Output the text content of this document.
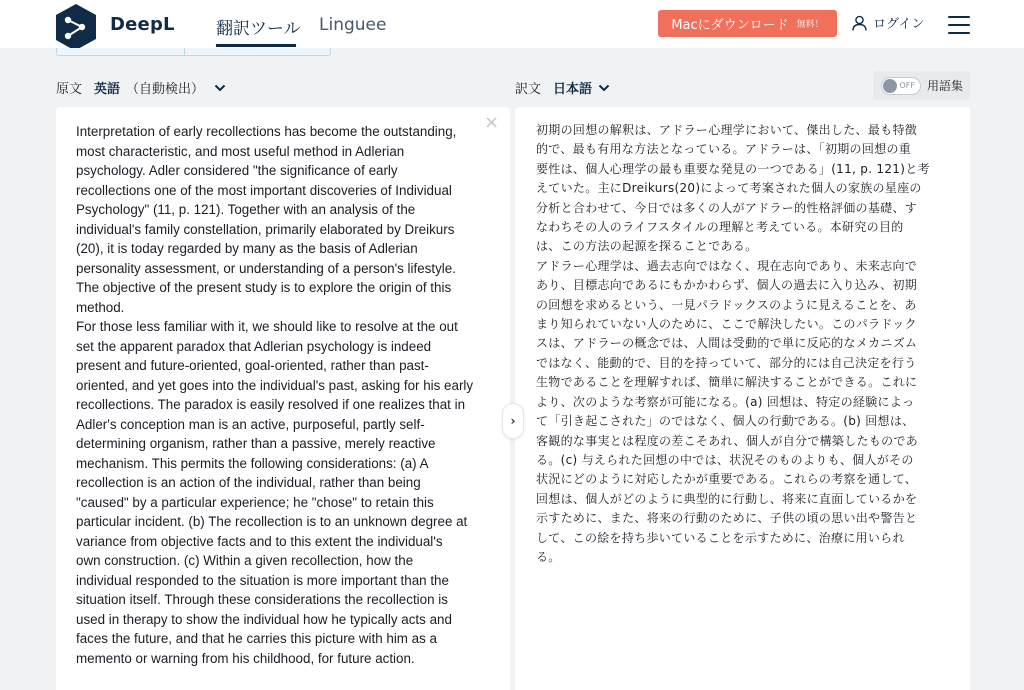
DeepL 翻訳ツール Linguee	Macにダウンロード 無料！	ログイン
原文 英語 （自動検出）	訳文 日本語	OFF 用語集
Interpretation of early recollections has become the outstanding,
most characteristic, and most useful method in Adlerian
psychology. Adler considered "the significance of early
recollections one of the most important discoveries of Individual
Psychology" (11, p. 121). Together with an analysis of the
individual's family constellation, primarily elaborated by Dreikurs
(20), it is today regarded by many as the basis of Adlerian
personality assessment, or understanding of a person's lifestyle.
The objective of the present study is to explore the origin of this
method.
For those less familiar with it, we should like to resolve at the out
set the apparent paradox that Adlerian psychology is indeed
present and future-oriented, goal-oriented, rather than past-
oriented, and yet goes into the individual's past, asking for his early
recollections. The paradox is easily resolved if one realizes that in
Adler's conception man is an active, purposeful, partly self-
determining organism, rather than a passive, merely reactive
mechanism. This permits the following considerations: (a) A
recollection is an action of the individual, rather than being
"caused" by a particular experience; he "chose" to retain this
particular incident. (b) The recollection is to an unknown degree at
variance from objective facts and to this extent the individual's
own construction. (c) Within a given recollection, how the
individual responded to the situation is more important than the
situation itself. Through these considerations the recollection is
used in therapy to show the individual how he typically acts and
faces the future, and that he carries this picture with him as a
memento or warning from his childhood, for future action.
×	初期の回想の解釈は、アドラー心理学において、傑出した、最も特徴
的で、最も有用な方法となっている。アドラーは、「初期の回想の重
要性は、個人心理学の最も重要な発見の一つである」(11, p. 121)と考
えていた。主にDreikurs(20)によって考案された個人の家族の星座の
分析と合わせて、今日では多くの人がアドラー的性格評価の基礎、す
なわちその人のライフスタイルの理解と考えている。本研究の目的
は、この方法の起源を探ることである。
アドラー心理学は、過去志向ではなく、現在志向であり、未来志向で
あり、目標志向であるにもかかわらず、個人の過去に入り込み、初期
の回想を求めるという、一見パラドックスのように見えることを、あ
まり知られていない人のために、ここで解決したい。このパラドック
スは、アドラーの概念では、人間は受動的で単に反応的なメカニズム
ではなく、能動的で、目的を持っていて、部分的には自己決定を行う
生物であることを理解すれば、簡単に解決することができる。これに
より、次のような考察が可能になる。(a) 回想は、特定の経験によっ
て「引き起こされた」のではなく、個人の行動である。(b) 回想は、
客観的な事実とは程度の差こそあれ、個人が自分で構築したものであ
る。(c) 与えられた回想の中では、状況そのものよりも、個人がその
状況にどのように対応したかが重要である。これらの考察を通して、
回想は、個人がどのように典型的に行動し、将来に直面しているかを
示すために、また、将来の行動のために、子供の頃の思い出や警告と
して、この絵を持ち歩いていることを示すために、治療に用いられ
る。
›
